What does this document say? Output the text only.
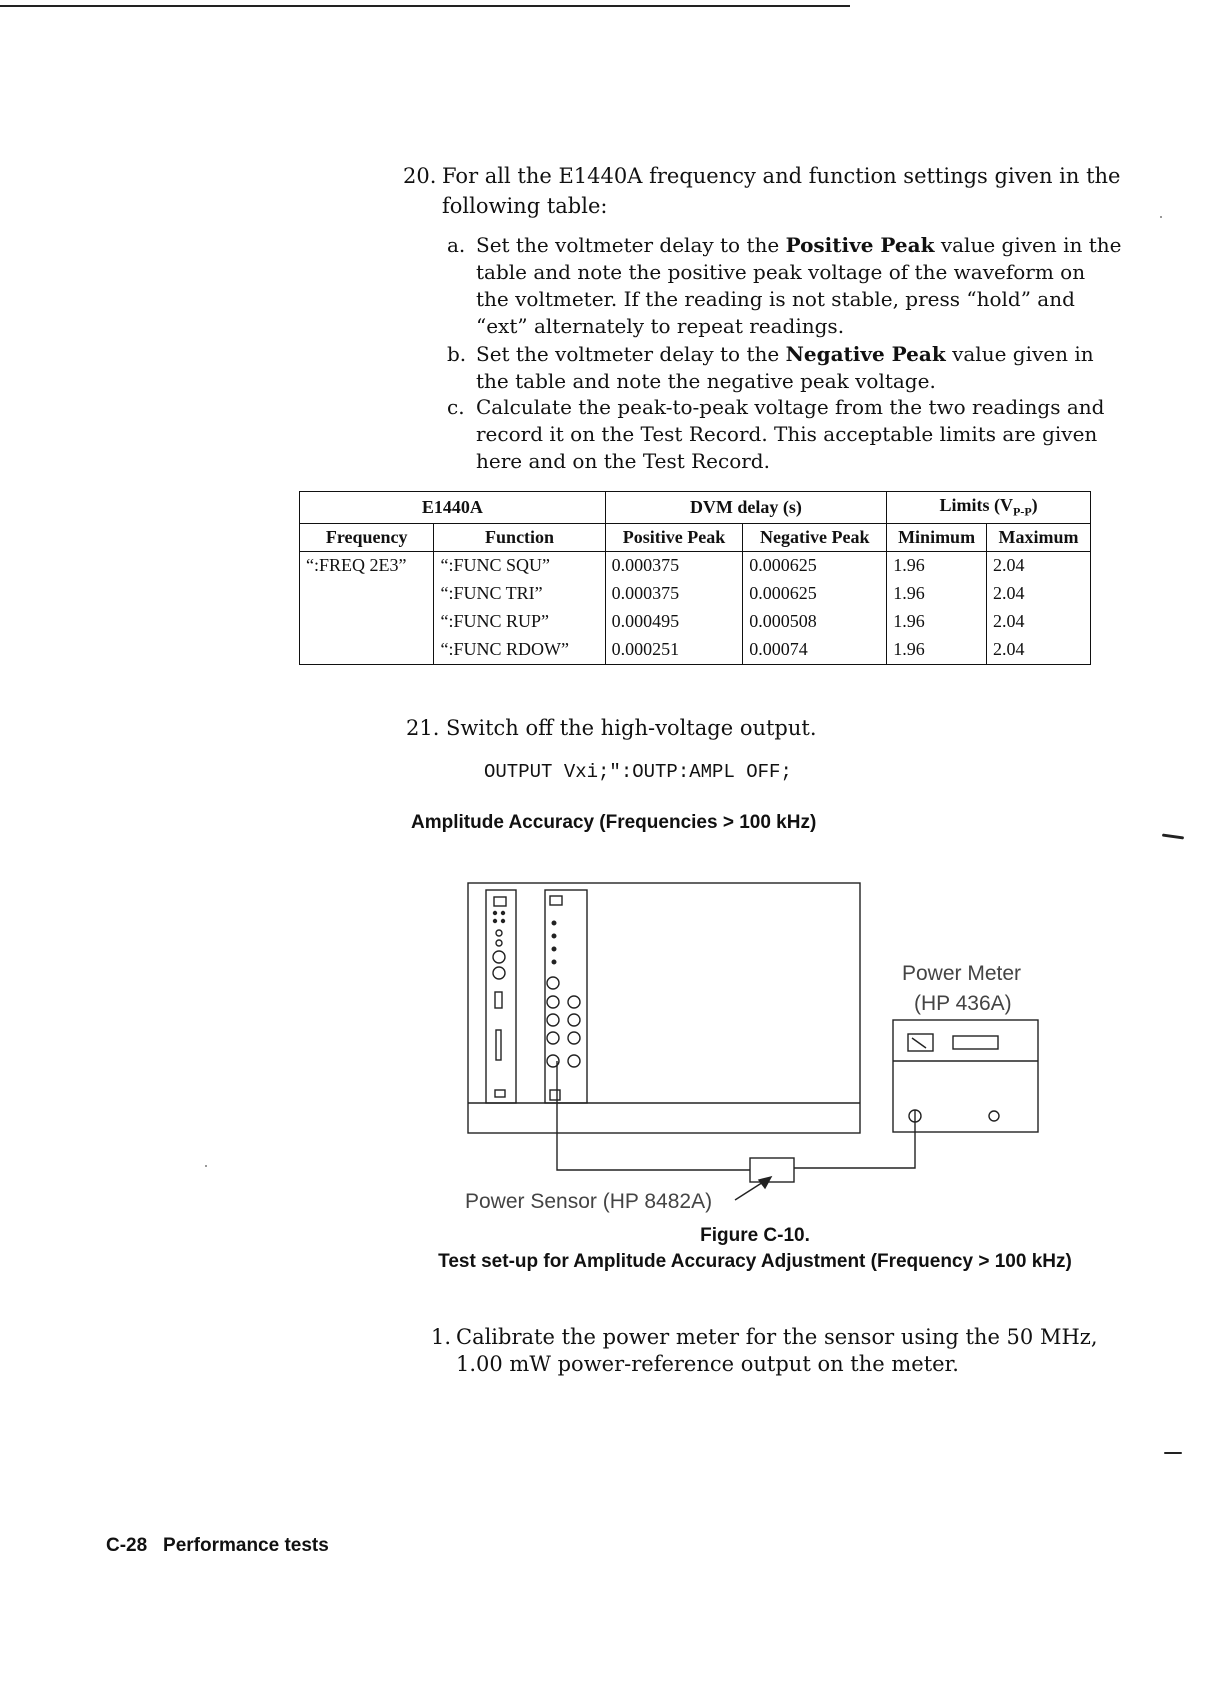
20. For all the E1440A frequency and function settings given in the
following table:
a. Set the voltmeter delay to the Positive Peak value given in the
table and note the positive peak voltage of the waveform on
the voltmeter. If the reading is not stable, press “hold” and
“ext” alternately to repeat readings.
b. Set the voltmeter delay to the Negative Peak value given in
the table and note the negative peak voltage.
c. Calculate the peak-to-peak voltage from the two readings and
record it on the Test Record. This acceptable limits are given
here and on the Test Record.
E1440A		DVM delay (s)		Limits $(V_{P-P})$	
Frequency	Function	Positive Peak	Negative Peak	Minimum	Maximum
“:FREQ 2E3”	“:FUNC SQU”	0.000375	0.000625	1.96	2.04
	“:FUNC TRI”	0.000375	0.000625	1.96	2.04
	“:FUNC RUP”	0.000495	0.000508	1.96	2.04
	“:FUNC RDOW”	0.000251	0.00074	1.96	2.04
21. Switch off the high-voltage output.
OUTPUT Vxi;":OUTP:AMPL OFF;
Amplitude Accuracy (Frequencies > 100 kHz)
Power Meter
(HP 436A)
Power Sensor (HP 8482A)
Figure C-10.
Test set-up for Amplitude Accuracy Adjustment (Frequency > 100 kHz)
1. Calibrate the power meter for the sensor using the 50 MHz,
1.00 mW power-reference output on the meter.
C-28 Performance tests
